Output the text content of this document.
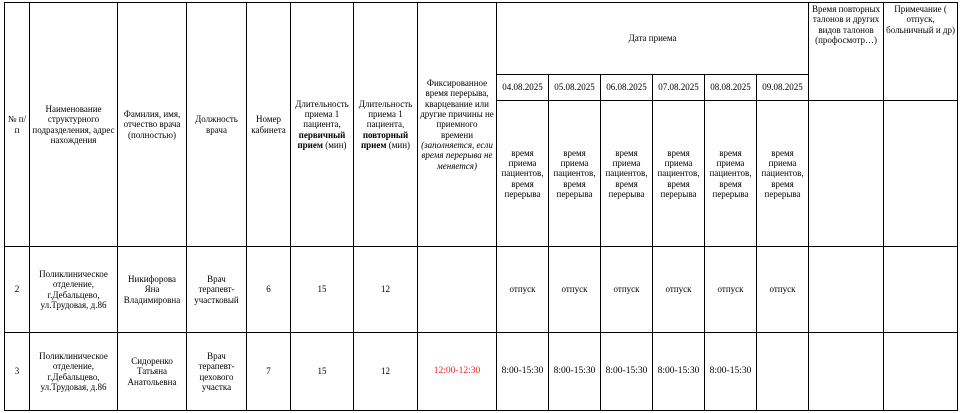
№ п/п	Наименование структурного подразделения, адрес нахождения	Фамилия, имя, отчество врача (полностью)	Должность врача	Номер кабинета	Длительность приема 1 пациента, первичный прием (мин)	Длительность приема 1 пациента, повторный прием (мин)	Фиксированное время перерыва, кварцевание или другие причины не приемного времени (заполняется, если время перерыва не меняется)	Дата приема						Время повторных талонов и других видов талонов (профосмотр…)	Примечание ( отпуск, больничный и др)
								04.08.2025	05.08.2025	06.08.2025	07.08.2025	08.08.2025	09.08.2025		
								время приема пациентов, время перерыва	время приема пациентов, время перерыва	время приема пациентов, время перерыва	время приема пациентов, время перерыва	время приема пациентов, время перерыва	время приема пациентов, время перерыва		
2	Поликлиническое отделение, г.Дебальцево, ул.Трудовая, д.86	Никифорова Яна Владимировна	Врач терапевт-участковый	6	15	12		отпуск	отпуск	отпуск	отпуск	отпуск	отпуск		
3	Поликлиническое отделение, г.Дебальцево, ул.Трудовая, д.86	Сидоренко Татьяна Анатольевна	Врач терапевт-цехового участка	7	15	12	12:00-12:30	8:00-15:30	8:00-15:30	8:00-15:30	8:00-15:30	8:00-15:30			
